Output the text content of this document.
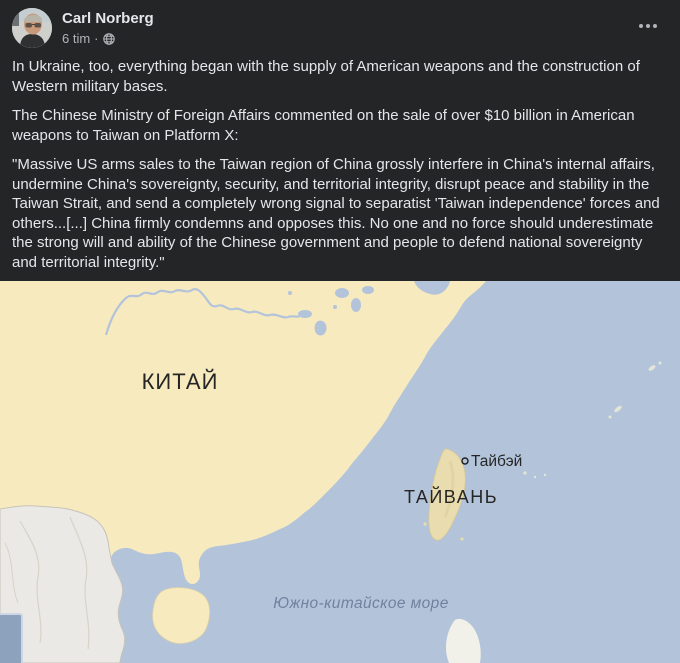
Carl Norberg
6 tim ·

In Ukraine, too, everything began with the supply of American weapons and the construction of Western military bases.

The Chinese Ministry of Foreign Affairs commented on the sale of over $10 billion in American weapons to Taiwan on Platform X:

"Massive US arms sales to the Taiwan region of China grossly interfere in China's internal affairs, undermine China's sovereignty, security, and territorial integrity, disrupt peace and stability in the Taiwan Strait, and send a completely wrong signal to separatist 'Taiwan independence' forces and others...[...] China firmly condemns and opposes this. No one and no force should underestimate the strong will and ability of the Chinese government and people to defend national sovereignty and territorial integrity."

КИТАЙ
Тайбэй
ТАЙВАНЬ
Южно-китайское море
